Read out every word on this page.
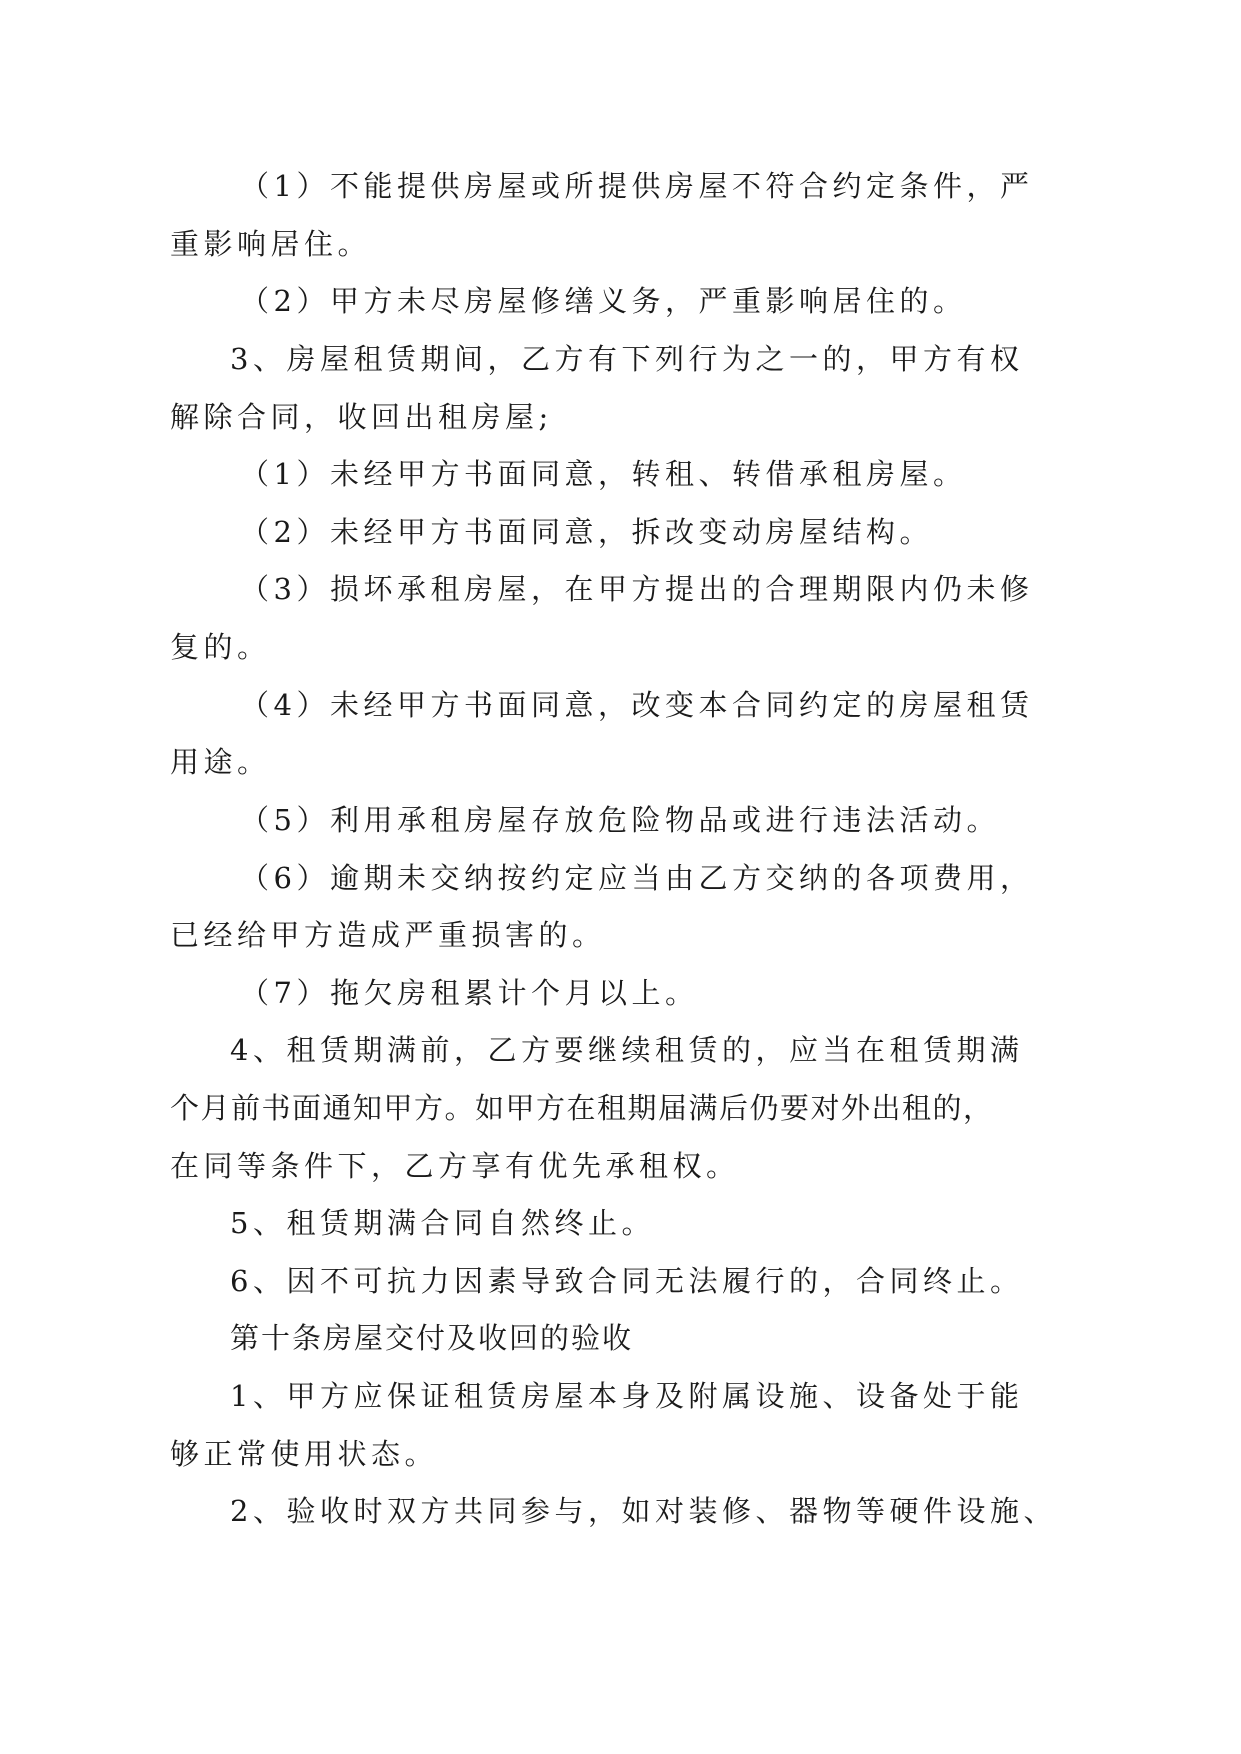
（1）不能提供房屋或所提供房屋不符合约定条件，严
重影响居住。
（2）甲方未尽房屋修缮义务，严重影响居住的。
3、房屋租赁期间，乙方有下列行为之一的，甲方有权
解除合同，收回出租房屋;
（1）未经甲方书面同意，转租、转借承租房屋。
（2）未经甲方书面同意，拆改变动房屋结构。
（3）损坏承租房屋，在甲方提出的合理期限内仍未修
复的。
（4）未经甲方书面同意，改变本合同约定的房屋租赁
用途。
（5）利用承租房屋存放危险物品或进行违法活动。
（6）逾期未交纳按约定应当由乙方交纳的各项费用，
已经给甲方造成严重损害的。
（7）拖欠房租累计个月以上。
4、租赁期满前，乙方要继续租赁的，应当在租赁期满
个月前书面通知甲方。如甲方在租期届满后仍要对外出租的，
在同等条件下，乙方享有优先承租权。
5、租赁期满合同自然终止。
6、因不可抗力因素导致合同无法履行的，合同终止。
第十条房屋交付及收回的验收
1、甲方应保证租赁房屋本身及附属设施、设备处于能
够正常使用状态。
2、验收时双方共同参与，如对装修、器物等硬件设施、
